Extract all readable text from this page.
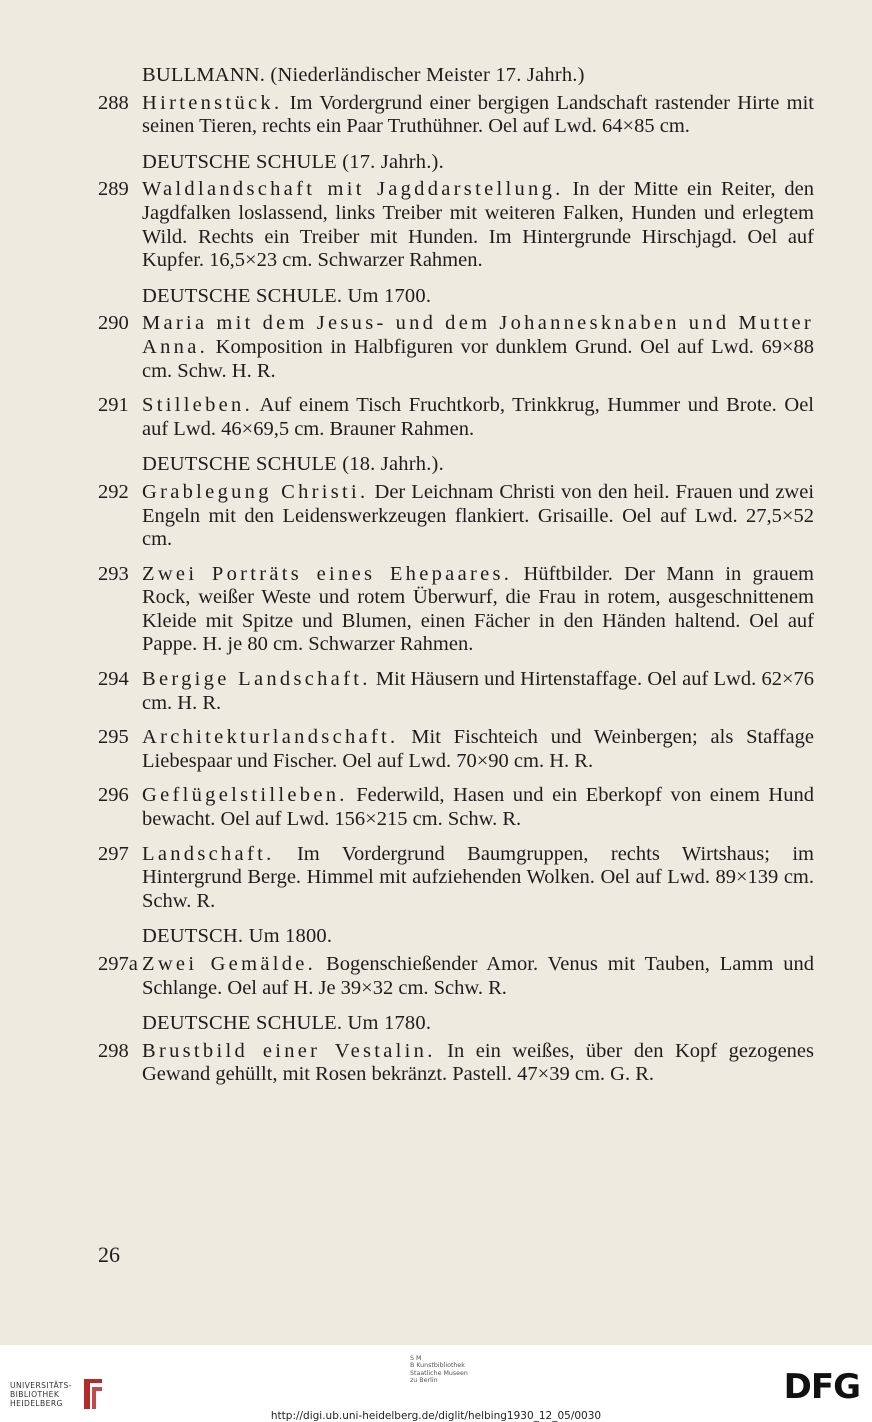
BULLMANN. (Niederländischer Meister 17. Jahrh.)
288 Hirtenstück. Im Vordergrund einer bergigen Landschaft rastender Hirte mit seinen Tieren, rechts ein Paar Truthühner. Oel auf Lwd. 64×85 cm.
DEUTSCHE SCHULE (17. Jahrh.).
289 Waldlandschaft mit Jagddarstellung. In der Mitte ein Reiter, den Jagdfalken loslassend, links Treiber mit weiteren Falken, Hunden und erlegtem Wild. Rechts ein Treiber mit Hunden. Im Hintergrunde Hirschjagd. Oel auf Kupfer. 16,5×23 cm. Schwarzer Rahmen.
DEUTSCHE SCHULE. Um 1700.
290 Maria mit dem Jesus- und dem Johannesknaben und Mutter Anna. Komposition in Halbfiguren vor dunklem Grund. Oel auf Lwd. 69×88 cm. Schw. H. R.
291 Stilleben. Auf einem Tisch Fruchtkorb, Trinkkrug, Hummer und Brote. Oel auf Lwd. 46×69,5 cm. Brauner Rahmen.
DEUTSCHE SCHULE (18. Jahrh.).
292 Grablegung Christi. Der Leichnam Christi von den heil. Frauen und zwei Engeln mit den Leidenswerkzeugen flankiert. Grisaille. Oel auf Lwd. 27,5×52 cm.
293 Zwei Porträts eines Ehepaares. Hüftbilder. Der Mann in grauem Rock, weißer Weste und rotem Überwurf, die Frau in rotem, ausgeschnittenem Kleide mit Spitze und Blumen, einen Fächer in den Händen haltend. Oel auf Pappe. H. je 80 cm. Schwarzer Rahmen.
294 Bergige Landschaft. Mit Häusern und Hirtenstaffage. Oel auf Lwd. 62×76 cm. H. R.
295 Architekturlandschaft. Mit Fischteich und Weinbergen; als Staffage Liebespaar und Fischer. Oel auf Lwd. 70×90 cm. H. R.
296 Geflügelstilleben. Federwild, Hasen und ein Eberkopf von einem Hund bewacht. Oel auf Lwd. 156×215 cm. Schw. R.
297 Landschaft. Im Vordergrund Baumgruppen, rechts Wirtshaus; im Hintergrund Berge. Himmel mit aufziehenden Wolken. Oel auf Lwd. 89×139 cm. Schw. R.
DEUTSCH. Um 1800.
297a Zwei Gemälde. Bogenschießender Amor. Venus mit Tauben, Lamm und Schlange. Oel auf H. Je 39×32 cm. Schw. R.
DEUTSCHE SCHULE. Um 1780.
298 Brustbild einer Vestalin. In ein weißes, über den Kopf gezogenes Gewand gehüllt, mit Rosen bekränzt. Pastell. 47×39 cm. G. R.
26
UNIVERSITÄTS-
BIBLIOTHEK
HEIDELBERG
S M
B Kunstbibliothek
Staatliche Museen
zu Berlin	DFG
http://digi.ub.uni-heidelberg.de/diglit/helbing1930_12_05/0030
